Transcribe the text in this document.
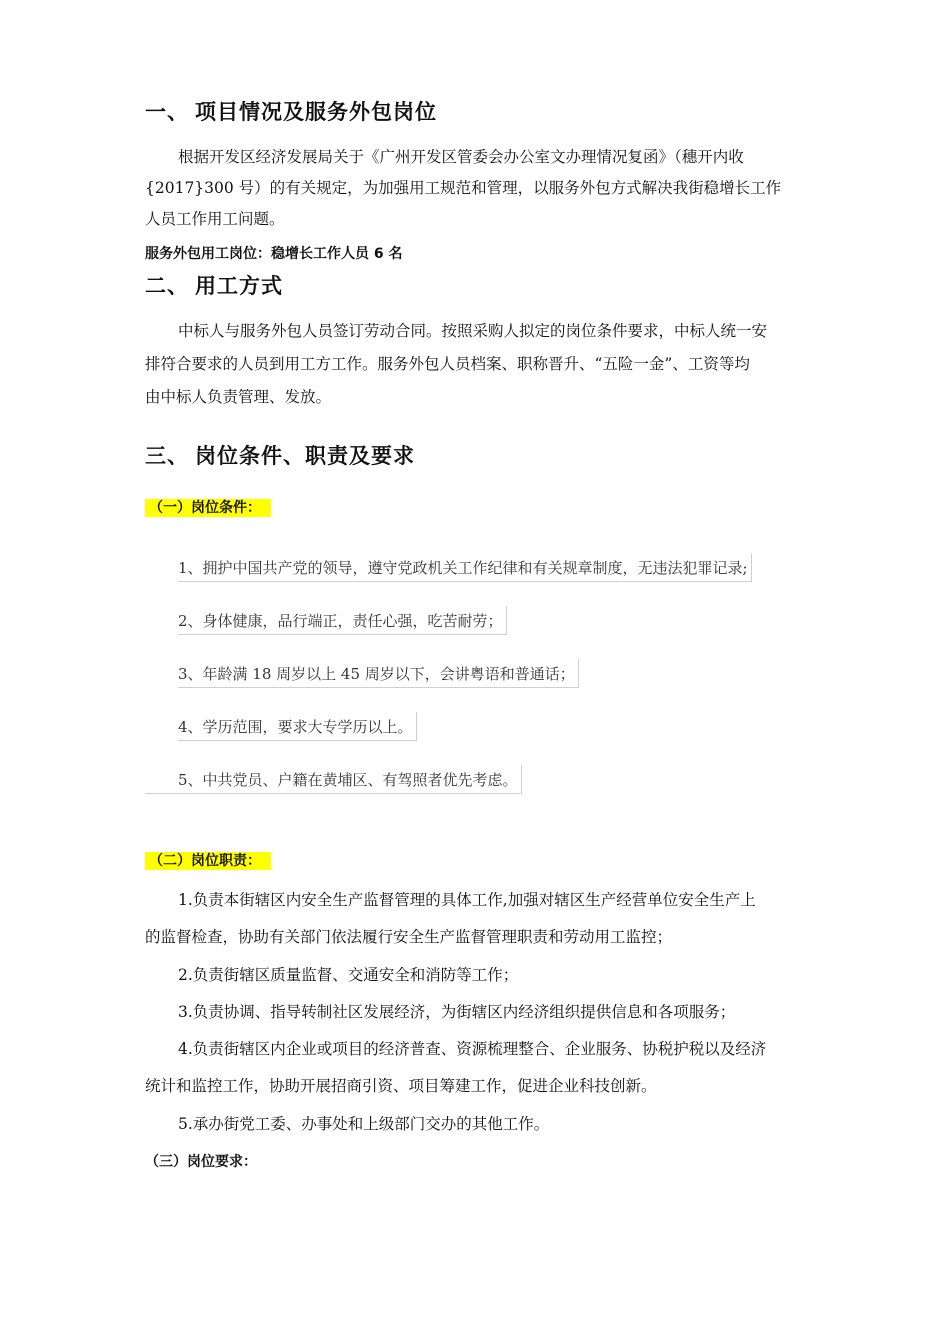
一、 项目情况及服务外包岗位
根据开发区经济发展局关于《广州开发区管委会办公室文办理情况复函》（穗开内收
{2017}300 号）的有关规定，为加强用工规范和管理，以服务外包方式解决我街稳增长工作
人员工作用工问题。
服务外包用工岗位：稳增长工作人员 6 名
二、 用工方式
中标人与服务外包人员签订劳动合同。按照采购人拟定的岗位条件要求，中标人统一安
排符合要求的人员到用工方工作。服务外包人员档案、职称晋升、“五险一金”、工资等均
由中标人负责管理、发放。
三、 岗位条件、职责及要求
（一）岗位条件：
1、拥护中国共产党的领导，遵守党政机关工作纪律和有关规章制度，无违法犯罪记录;
2、身体健康，品行端正，责任心强，吃苦耐劳；
3、年龄满 18 周岁以上 45 周岁以下，会讲粤语和普通话；
4、学历范围，要求大专学历以上。
5、中共党员、户籍在黄埔区、有驾照者优先考虑。
（二）岗位职责：
1.负责本街辖区内安全生产监督管理的具体工作,加强对辖区生产经营单位安全生产上
的监督检查，协助有关部门依法履行安全生产监督管理职责和劳动用工监控；
2.负责街辖区质量监督、交通安全和消防等工作；
3.负责协调、指导转制社区发展经济，为街辖区内经济组织提供信息和各项服务；
4.负责街辖区内企业或项目的经济普查、资源梳理整合、企业服务、协税护税以及经济
统计和监控工作，协助开展招商引资、项目筹建工作，促进企业科技创新。
5.承办街党工委、办事处和上级部门交办的其他工作。
（三）岗位要求：
